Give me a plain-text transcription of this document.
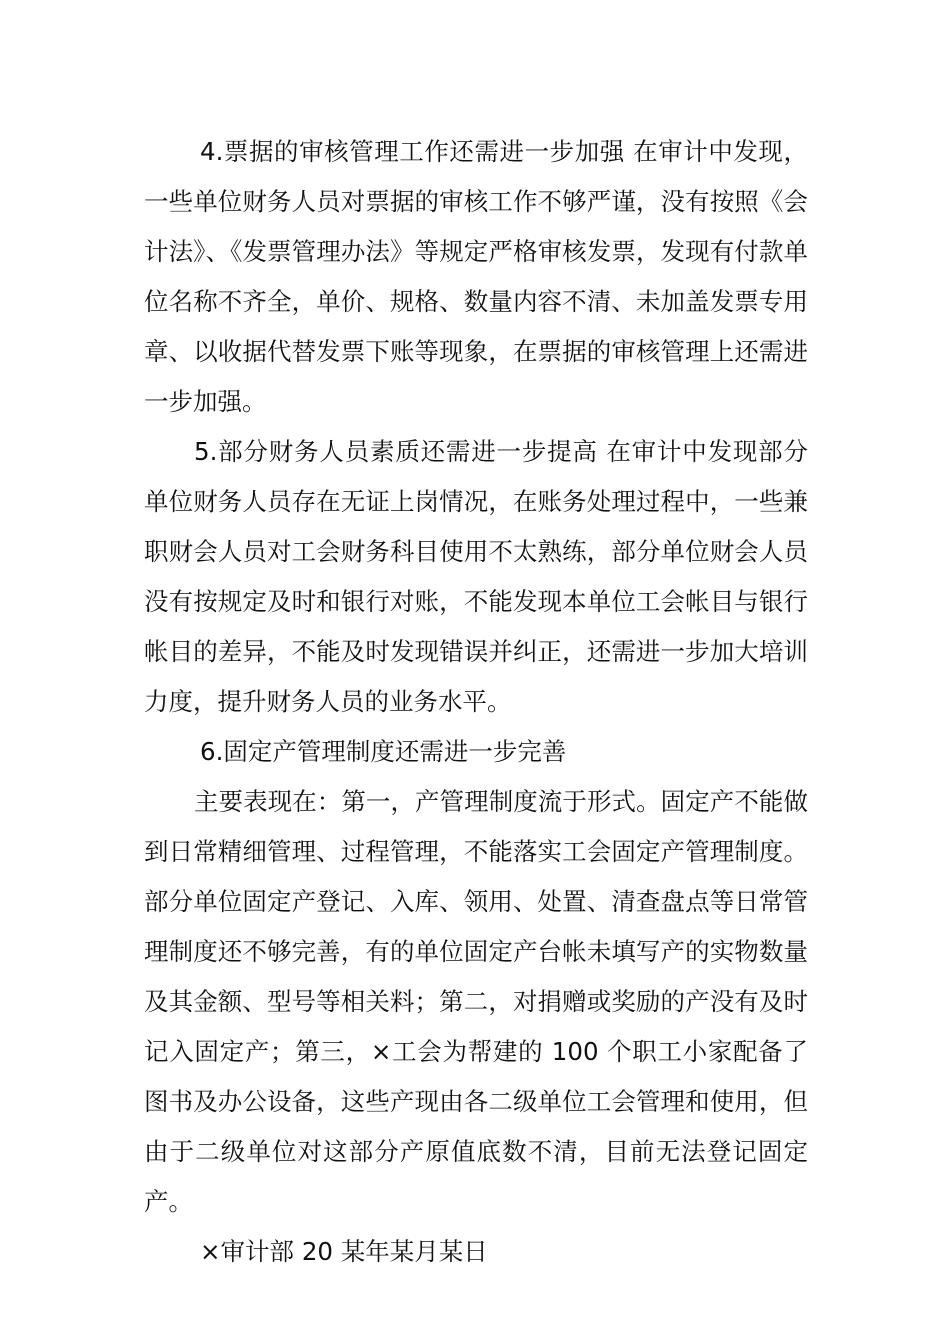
4.票据的审核管理工作还需进一步加强 在审计中发现，一些单位财务人员对票据的审核工作不够严谨，没有按照《会计法》、《发票管理办法》等规定严格审核发票，发现有付款单位名称不齐全，单价、规格、数量内容不清、未加盖发票专用章、以收据代替发票下账等现象，在票据的审核管理上还需进一步加强。

5.部分财务人员素质还需进一步提高 在审计中发现部分单位财务人员存在无证上岗情况，在账务处理过程中，一些兼职财会人员对工会财务科目使用不太熟练，部分单位财会人员没有按规定及时和银行对账，不能发现本单位工会帐目与银行帐目的差异，不能及时发现错误并纠正，还需进一步加大培训力度，提升财务人员的业务水平。

6.固定产管理制度还需进一步完善

主要表现在：第一，产管理制度流于形式。固定产不能做到日常精细管理、过程管理，不能落实工会固定产管理制度。部分单位固定产登记、入库、领用、处置、清查盘点等日常管理制度还不够完善，有的单位固定产台帐未填写产的实物数量及其金额、型号等相关料；第二，对捐赠或奖励的产没有及时记入固定产；第三，×工会为帮建的 100 个职工小家配备了图书及办公设备，这些产现由各二级单位工会管理和使用，但由于二级单位对这部分产原值底数不清，目前无法登记固定产。

×审计部 20 某年某月某日
